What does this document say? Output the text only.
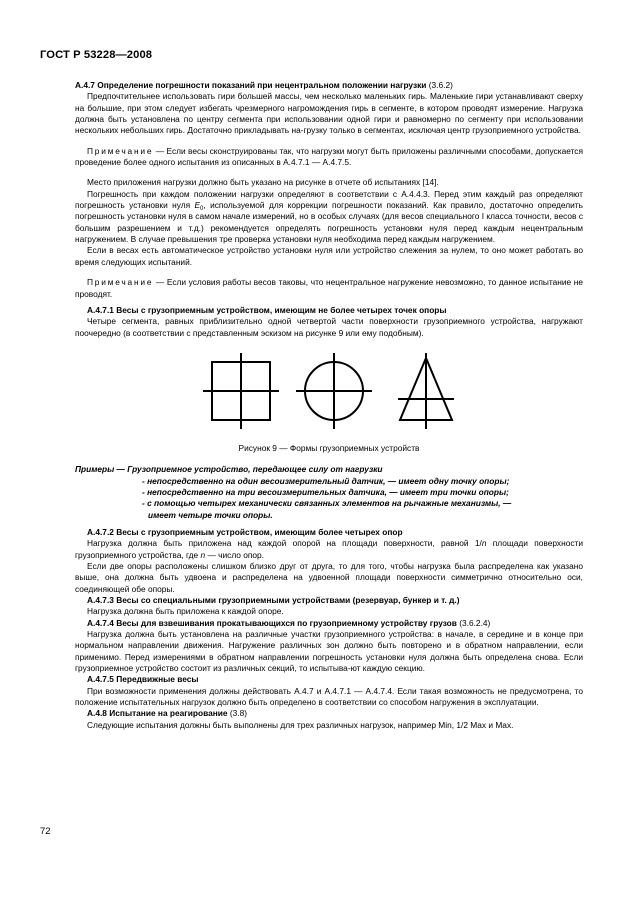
ГОСТ Р 53228—2008

А.4.7 Определение погрешности показаний при нецентральном положении нагрузки (3.6.2)

Предпочтительнее использовать гири большей массы, чем несколько маленьких гирь. Маленькие гири устанавливают сверху на большие, при этом следует избегать чрезмерного нагромождения гирь в сегменте, в котором проводят измерение. Нагрузка должна быть установлена по центру сегмента при использовании одной гири и равномерно по сегменту при использовании нескольких небольших гирь. Достаточно прикладывать на-грузку только в сегментах, исключая центр грузоприемного устройства.

Примечание — Если весы сконструированы так, что нагрузки могут быть приложены различными способами, допускается проведение более одного испытания из описанных в А.4.7.1 — А.4.7.5.

Место приложения нагрузки должно быть указано на рисунке в отчете об испытаниях [14].

Погрешность при каждом положении нагрузки определяют в соответствии с А.4.4.3. Перед этим каждый раз определяют погрешность установки нуля $E_0$, используемой для коррекции погрешности показаний. Как правило, достаточно определить погрешность установки нуля в самом начале измерений, но в особых случаях (для весов специального I класса точности, весов с большим разрешением и т.д.) рекомендуется определять погрешность установки нуля перед каждым нецентральным нагружением. В случае превышения тре проверка установки нуля необходима перед каждым нагружением.

Если в весах есть автоматическое устройство установки нуля или устройство слежения за нулем, то оно может работать во время следующих испытаний.

Примечание — Если условия работы весов таковы, что нецентральное нагружение невозможно, то данное испытание не проводят.

А.4.7.1 Весы с грузоприемным устройством, имеющим не более четырех точек опоры

Четыре сегмента, равных приблизительно одной четвертой части поверхности грузоприемного устройства, нагружают поочередно (в соответствии с представленным эскизом на рисунке 9 или ему подобным).

Рисунок 9 — Формы грузоприемных устройств
Примеры — Грузоприемное устройство, передающее силу от нагрузки
- непосредственно на один весоизмерительный датчик, — имеет одну точку опоры;
- непосредственно на три весоизмерительных датчика, — имеет три точки опоры;
- с помощью четырех механически связанных элементов на рычажные механизмы, —
имеет четыре точки опоры.

А.4.7.2 Весы с грузоприемным устройством, имеющим более четырех опор

Нагрузка должна быть приложена над каждой опорой на площади поверхности, равной 1/n площади поверхности грузоприемного устройства, где n — число опор.

Если две опоры расположены слишком близко друг от друга, то для того, чтобы нагрузка была распределена как указано выше, она должна быть удвоена и распределена на удвоенной площади поверхности симметрично относительно оси, соединяющей обе опоры.

А.4.7.3 Весы со специальными грузоприемными устройствами (резервуар, бункер и т. д.)

Нагрузка должна быть приложена к каждой опоре.

А.4.7.4 Весы для взвешивания прокатывающихся по грузоприемному устройству грузов (3.6.2.4)

Нагрузка должна быть установлена на различные участки грузоприемного устройства: в начале, в середине и в конце при нормальном направлении движения. Нагружение различных зон должно быть повторено и в обратном направлении, если применимо. Перед измерениями в обратном направлении погрешность установки нуля должна быть определена снова. Если грузоприемное устройство состоит из различных секций, то испытыва-ют каждую секцию.

А.4.7.5 Передвижные весы

При возможности применения должны действовать А.4.7 и А.4.7.1 — А.4.7.4. Если такая возможность не предусмотрена, то положение испытательных нагрузок должно быть определено в соответствии со способом нагружения в эксплуатации.

А.4.8 Испытание на реагирование (3.8)

Следующие испытания должны быть выполнены для трех различных нагрузок, например Min, 1/2 Max и Max.

72
